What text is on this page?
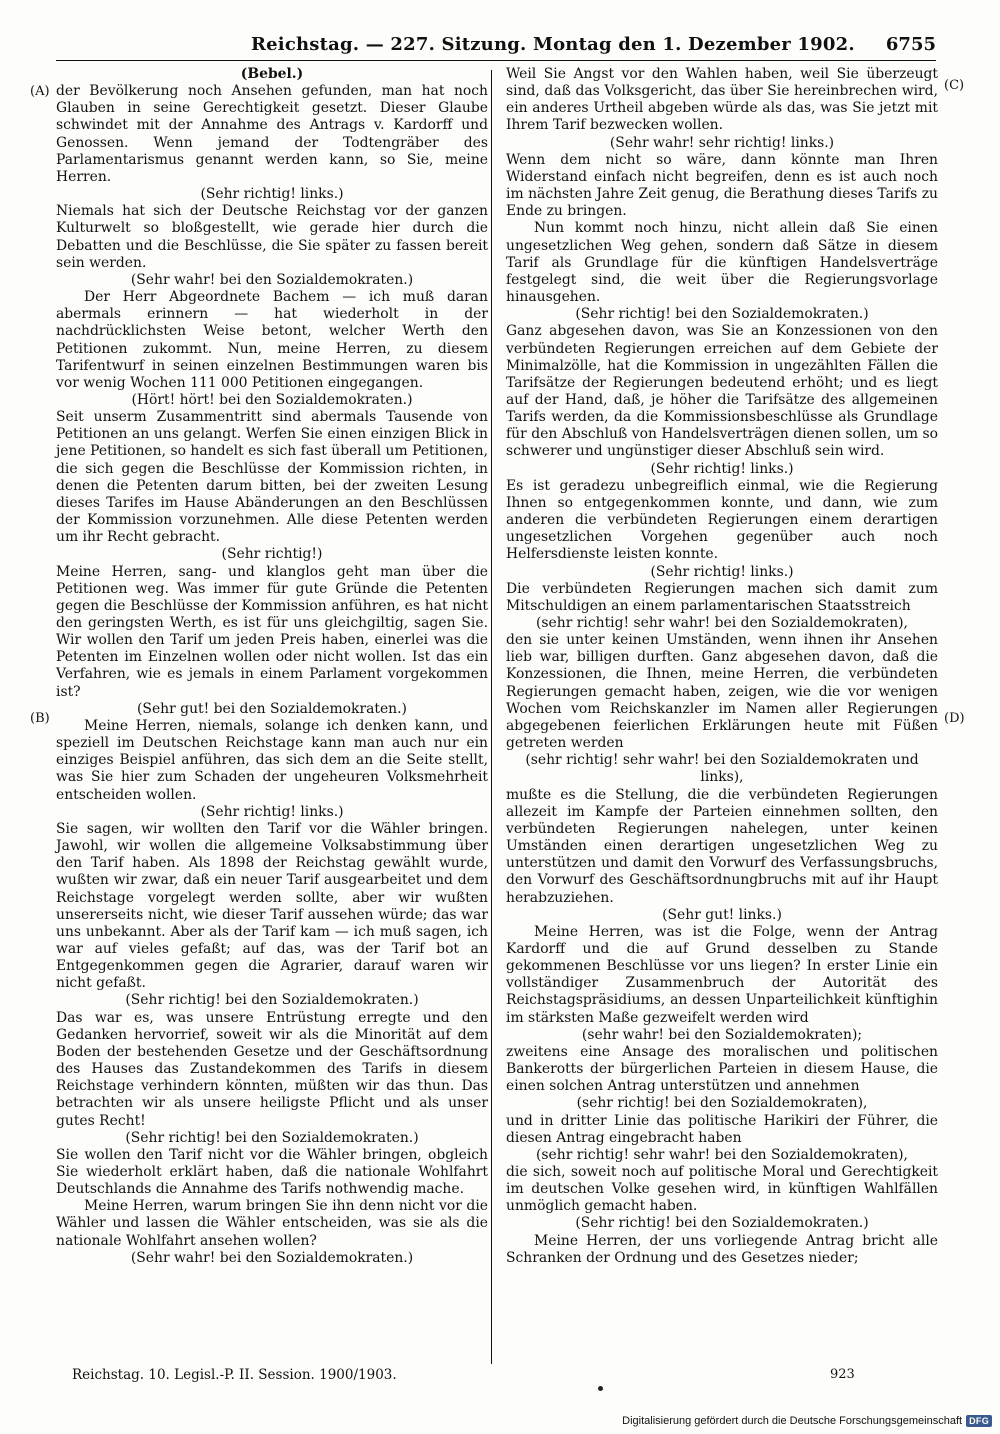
Reichstag. — 227. Sitzung. Montag den 1. Dezember 1902. 6755
(A)
(B)
(C)
(D)

(Bebel.)

der Bevölkerung noch Ansehen gefunden, man hat noch Glauben in seine Gerechtigkeit gesetzt. Dieser Glaube schwindet mit der Annahme des Antrags v. Kardorff und Genossen. Wenn jemand der Todtengräber des Parlamentarismus genannt werden kann, so Sie, meine Herren.

(Sehr richtig! links.)

Niemals hat sich der Deutsche Reichstag vor der ganzen Kulturwelt so bloßgestellt, wie gerade hier durch die Debatten und die Beschlüsse, die Sie später zu fassen bereit sein werden.

(Sehr wahr! bei den Sozialdemokraten.)

Der Herr Abgeordnete Bachem — ich muß daran abermals erinnern — hat wiederholt in der nachdrücklichsten Weise betont, welcher Werth den Petitionen zukommt. Nun, meine Herren, zu diesem Tarifentwurf in seinen einzelnen Bestimmungen waren bis vor wenig Wochen 111 000 Petitionen eingegangen.

(Hört! hört! bei den Sozialdemokraten.)

Seit unserm Zusammentritt sind abermals Tausende von Petitionen an uns gelangt. Werfen Sie einen einzigen Blick in jene Petitionen, so handelt es sich fast überall um Petitionen, die sich gegen die Beschlüsse der Kommission richten, in denen die Petenten darum bitten, bei der zweiten Lesung dieses Tarifes im Hause Abänderungen an den Beschlüssen der Kommission vorzunehmen. Alle diese Petenten werden um ihr Recht gebracht.

(Sehr richtig!)

Meine Herren, sang- und klanglos geht man über die Petitionen weg. Was immer für gute Gründe die Petenten gegen die Beschlüsse der Kommission anführen, es hat nicht den geringsten Werth, es ist für uns gleichgiltig, sagen Sie. Wir wollen den Tarif um jeden Preis haben, einerlei was die Petenten im Einzelnen wollen oder nicht wollen. Ist das ein Verfahren, wie es jemals in einem Parlament vorgekommen ist?

(Sehr gut! bei den Sozialdemokraten.)

Meine Herren, niemals, solange ich denken kann, und speziell im Deutschen Reichstage kann man auch nur ein einziges Beispiel anführen, das sich dem an die Seite stellt, was Sie hier zum Schaden der ungeheuren Volksmehrheit entscheiden wollen.

(Sehr richtig! links.)

Sie sagen, wir wollten den Tarif vor die Wähler bringen. Jawohl, wir wollen die allgemeine Volksabstimmung über den Tarif haben. Als 1898 der Reichstag gewählt wurde, wußten wir zwar, daß ein neuer Tarif ausgearbeitet und dem Reichstage vorgelegt werden sollte, aber wir wußten unsererseits nicht, wie dieser Tarif aussehen würde; das war uns unbekannt. Aber als der Tarif kam — ich muß sagen, ich war auf vieles gefaßt; auf das, was der Tarif bot an Entgegenkommen gegen die Agrarier, darauf waren wir nicht gefaßt.

(Sehr richtig! bei den Sozialdemokraten.)

Das war es, was unsere Entrüstung erregte und den Gedanken hervorrief, soweit wir als die Minorität auf dem Boden der bestehenden Gesetze und der Geschäftsordnung des Hauses das Zustandekommen des Tarifs in diesem Reichstage verhindern könnten, müßten wir das thun. Das betrachten wir als unsere heiligste Pflicht und als unser gutes Recht!

(Sehr richtig! bei den Sozialdemokraten.)

Sie wollen den Tarif nicht vor die Wähler bringen, obgleich Sie wiederholt erklärt haben, daß die nationale Wohlfahrt Deutschlands die Annahme des Tarifs nothwendig mache.

Meine Herren, warum bringen Sie ihn denn nicht vor die Wähler und lassen die Wähler entscheiden, was sie als die nationale Wohlfahrt ansehen wollen?

(Sehr wahr! bei den Sozialdemokraten.)

Weil Sie Angst vor den Wahlen haben, weil Sie überzeugt sind, daß das Volksgericht, das über Sie hereinbrechen wird, ein anderes Urtheil abgeben würde als das, was Sie jetzt mit Ihrem Tarif bezwecken wollen.

(Sehr wahr! sehr richtig! links.)

Wenn dem nicht so wäre, dann könnte man Ihren Widerstand einfach nicht begreifen, denn es ist auch noch im nächsten Jahre Zeit genug, die Berathung dieses Tarifs zu Ende zu bringen.

Nun kommt noch hinzu, nicht allein daß Sie einen ungesetzlichen Weg gehen, sondern daß Sätze in diesem Tarif als Grundlage für die künftigen Handelsverträge festgelegt sind, die weit über die Regierungsvorlage hinausgehen.

(Sehr richtig! bei den Sozialdemokraten.)

Ganz abgesehen davon, was Sie an Konzessionen von den verbündeten Regierungen erreichen auf dem Gebiete der Minimalzölle, hat die Kommission in ungezählten Fällen die Tarifsätze der Regierungen bedeutend erhöht; und es liegt auf der Hand, daß, je höher die Tarifsätze des allgemeinen Tarifs werden, da die Kommissionsbeschlüsse als Grundlage für den Abschluß von Handelsverträgen dienen sollen, um so schwerer und ungünstiger dieser Abschluß sein wird.

(Sehr richtig! links.)

Es ist geradezu unbegreiflich einmal, wie die Regierung Ihnen so entgegenkommen konnte, und dann, wie zum anderen die verbündeten Regierungen einem derartigen ungesetzlichen Vorgehen gegenüber auch noch Helfersdienste leisten konnte.

(Sehr richtig! links.)

Die verbündeten Regierungen machen sich damit zum Mitschuldigen an einem parlamentarischen Staatsstreich

(sehr richtig! sehr wahr! bei den Sozialdemokraten),

den sie unter keinen Umständen, wenn ihnen ihr Ansehen lieb war, billigen durften. Ganz abgesehen davon, daß die Konzessionen, die Ihnen, meine Herren, die verbündeten Regierungen gemacht haben, zeigen, wie die vor wenigen Wochen vom Reichskanzler im Namen aller Regierungen abgegebenen feierlichen Erklärungen heute mit Füßen getreten werden

(sehr richtig! sehr wahr! bei den Sozialdemokraten und links),

mußte es die Stellung, die die verbündeten Regierungen allezeit im Kampfe der Parteien einnehmen sollten, den verbündeten Regierungen nahelegen, unter keinen Umständen einen derartigen ungesetzlichen Weg zu unterstützen und damit den Vorwurf des Verfassungsbruchs, den Vorwurf des Geschäftsordnungbruchs mit auf ihr Haupt herabzuziehen.

(Sehr gut! links.)

Meine Herren, was ist die Folge, wenn der Antrag Kardorff und die auf Grund desselben zu Stande gekommenen Beschlüsse vor uns liegen? In erster Linie ein vollständiger Zusammenbruch der Autorität des Reichstagspräsidiums, an dessen Unparteilichkeit künftighin im stärksten Maße gezweifelt werden wird

(sehr wahr! bei den Sozialdemokraten);

zweitens eine Ansage des moralischen und politischen Bankerotts der bürgerlichen Parteien in diesem Hause, die einen solchen Antrag unterstützen und annehmen

(sehr richtig! bei den Sozialdemokraten),

und in dritter Linie das politische Harikiri der Führer, die diesen Antrag eingebracht haben

(sehr richtig! sehr wahr! bei den Sozialdemokraten),

die sich, soweit noch auf politische Moral und Gerechtigkeit im deutschen Volke gesehen wird, in künftigen Wahlfällen unmöglich gemacht haben.

(Sehr richtig! bei den Sozialdemokraten.)

Meine Herren, der uns vorliegende Antrag bricht alle Schranken der Ordnung und des Gesetzes nieder;

Reichstag. 10. Legisl.-P. II. Session. 1900/1903.	923
Digitalisierung gefördert durch die Deutsche Forschungsgemeinschaft DFG
